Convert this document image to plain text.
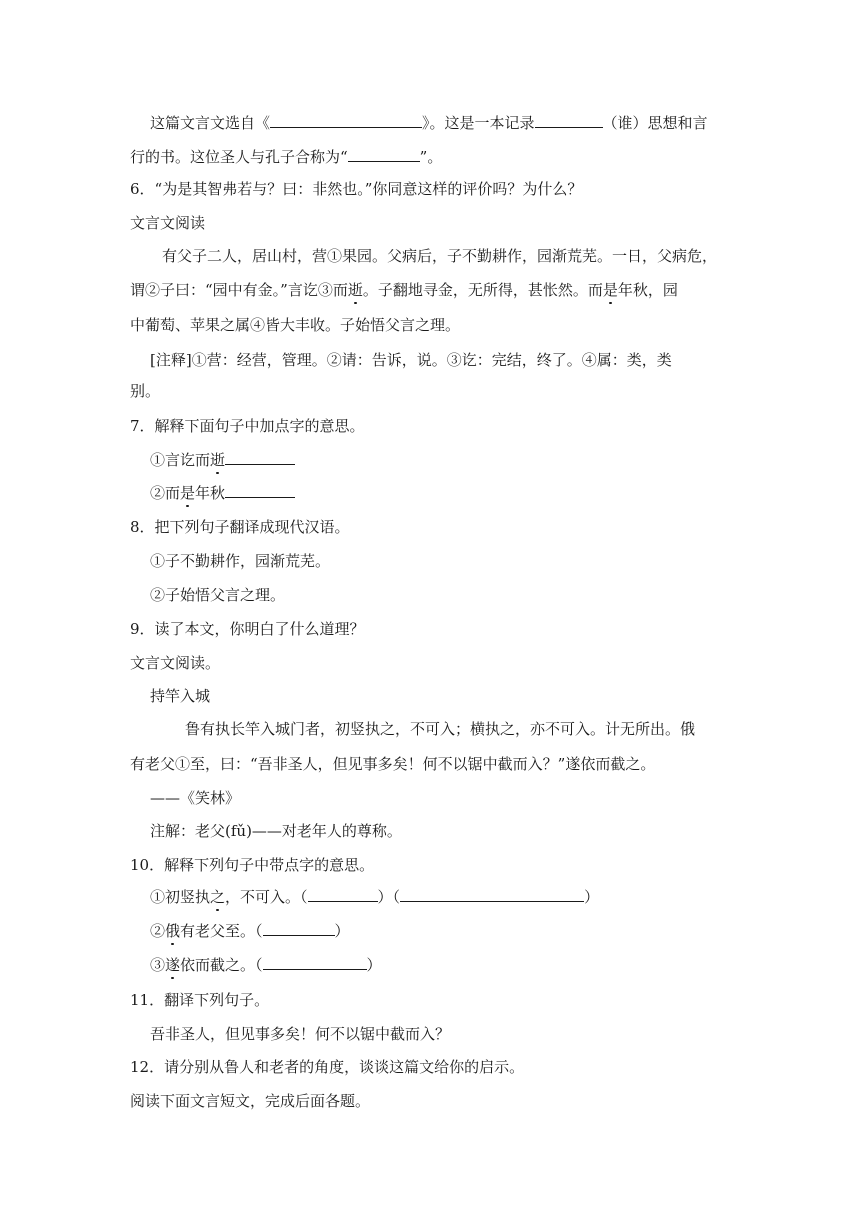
这篇文言文选自《	》。这是一本记录	（谁）思想和言
行的书。这位圣人与孔子合称为“	”。
6．“为是其智弗若与？曰：非然也。”你同意这样的评价吗？为什么？
文言文阅读
有父子二人，居山村，营①果园。父病后，子不勤耕作，园渐荒芜。一日，父病危，
谓②子曰：“园中有金。”言讫③而逝。子翻地寻金，无所得，甚怅然。而是年秋，园
中葡萄、苹果之属④皆大丰收。子始悟父言之理。
[注释]①营：经营，管理。②请：告诉，说。③讫：完结，终了。④属：类，类
别。
7．解释下面句子中加点字的意思。
①言讫而逝
②而是年秋
8．把下列句子翻译成现代汉语。
①子不勤耕作，园渐荒芜。
②子始悟父言之理。
9．读了本文，你明白了什么道理？
文言文阅读。
持竿入城
鲁有执长竿入城门者，初竖执之，不可入；横执之，亦不可入。计无所出。俄
有老父①至，曰：“吾非圣人，但见事多矣！何不以锯中截而入？”遂依而截之。
——《笑林》
注解：老父(fǔ)——对老年人的尊称。
10．解释下列句子中带点字的意思。
①初竖执之，不可入。（	）（	）
②俄有老父至。（	）
③遂依而截之。（	）
11．翻译下列句子。
吾非圣人，但见事多矣！何不以锯中截而入？
12．请分别从鲁人和老者的角度，谈谈这篇文给你的启示。
阅读下面文言短文，完成后面各题。
